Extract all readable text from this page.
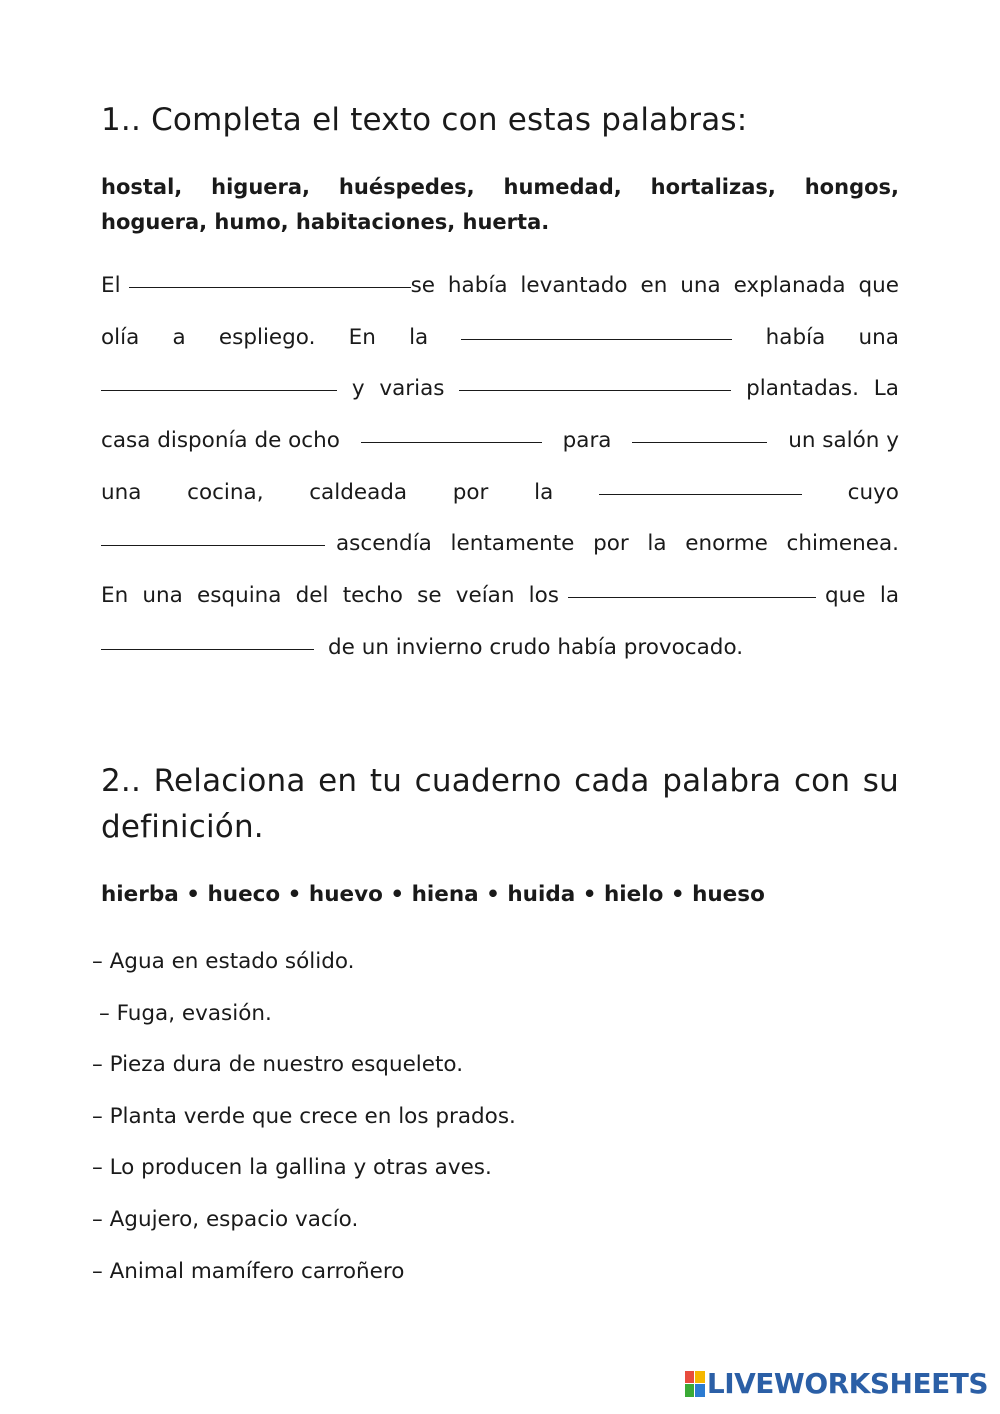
1.. Completa el texto con estas palabras:

hostal, higuera, huéspedes, humedad, hortalizas, hongos,
hoguera, humo, habitaciones, huerta.

El	se había levantado en una explanada que
olía a espliego. En la	había una
y varias	plantadas. La
casa disponía de ocho	para	un salón y
una cocina, caldeada por la	cuyo
ascendía lentamente por la enorme chimenea.
En una esquina del techo se veían los	que la
de un invierno crudo había provocado.
2.. Relaciona en tu cuaderno cada palabra con su definición.

hierba • hueco • huevo • hiena • huida • hielo • hueso

– Agua en estado sólido.
– Fuga, evasión.
– Pieza dura de nuestro esqueleto.
– Planta verde que crece en los prados.
– Lo producen la gallina y otras aves.
– Agujero, espacio vacío.
– Animal mamífero carroñero
LIVEWORKSHEETS
